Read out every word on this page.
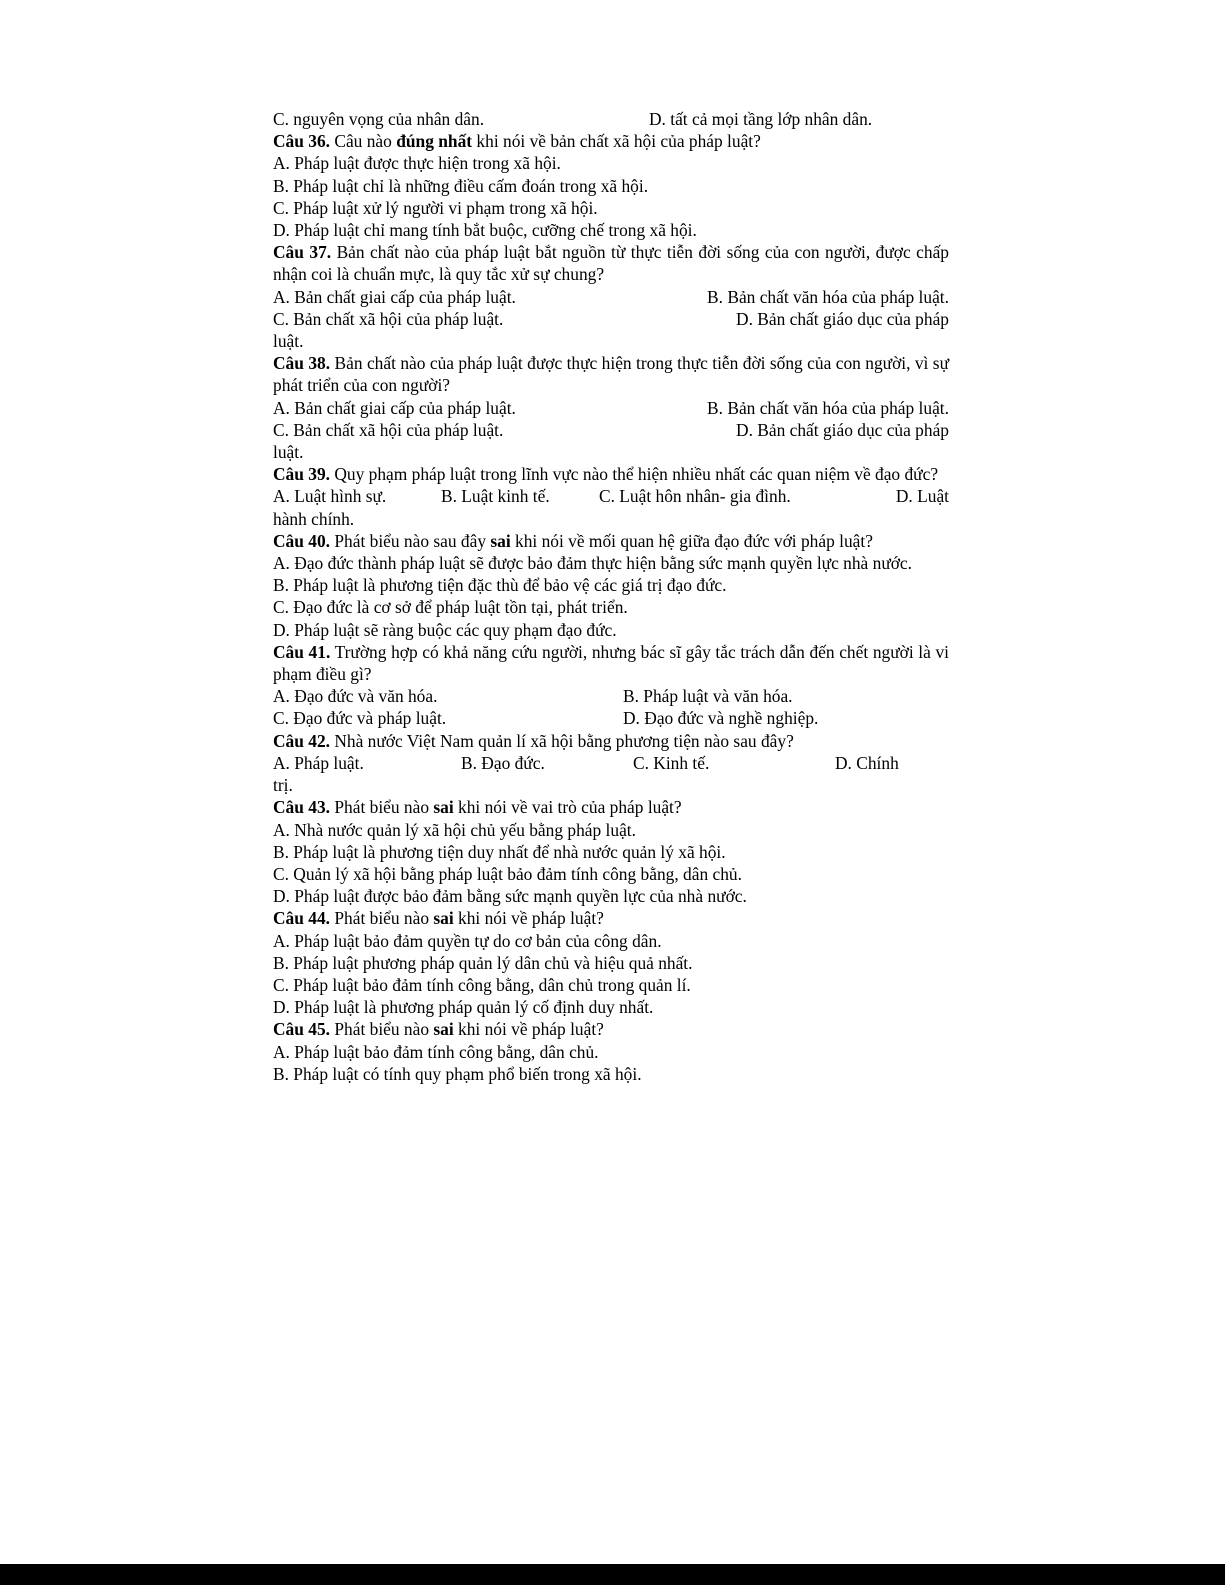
C. nguyên vọng của nhân dân.	D. tất cả mọi tầng lớp nhân dân.
Câu 36. Câu nào đúng nhất khi nói về bản chất xã hội của pháp luật?
A. Pháp luật được thực hiện trong xã hội.
B. Pháp luật chỉ là những điều cấm đoán trong xã hội.
C. Pháp luật xử lý người vi phạm trong xã hội.
D. Pháp luật chỉ mang tính bắt buộc, cưỡng chế trong xã hội.
Câu 37. Bản chất nào của pháp luật bắt nguồn từ thực tiễn đời sống của con người, được chấp nhận coi là chuẩn mực, là quy tắc xử sự chung?
A. Bản chất giai cấp của pháp luật.	B. Bản chất văn hóa của pháp luật.
C. Bản chất xã hội của pháp luật.	D. Bản chất giáo dục của pháp
luật.
Câu 38. Bản chất nào của pháp luật được thực hiện trong thực tiễn đời sống của con người, vì sự phát triển của con người?
A. Bản chất giai cấp của pháp luật.	B. Bản chất văn hóa của pháp luật.
C. Bản chất xã hội của pháp luật.	D. Bản chất giáo dục của pháp
luật.
Câu 39. Quy phạm pháp luật trong lĩnh vực nào thể hiện nhiều nhất các quan niệm về đạo đức?
A. Luật hình sự.	B. Luật kinh tế.	C. Luật hôn nhân- gia đình.	D. Luật
hành chính.
Câu 40. Phát biểu nào sau đây sai khi nói về mối quan hệ giữa đạo đức với pháp luật?
A. Đạo đức thành pháp luật sẽ được bảo đảm thực hiện bằng sức mạnh quyền lực nhà nước.
B. Pháp luật là phương tiện đặc thù để bảo vệ các giá trị đạo đức.
C. Đạo đức là cơ sở để pháp luật tồn tại, phát triển.
D. Pháp luật sẽ ràng buộc các quy phạm đạo đức.
Câu 41. Trường hợp có khả năng cứu người, nhưng bác sĩ gây tắc trách dẫn đến chết người là vi phạm điều gì?
A. Đạo đức và văn hóa.	B. Pháp luật và văn hóa.
C. Đạo đức và pháp luật.	D. Đạo đức và nghề nghiệp.
Câu 42. Nhà nước Việt Nam quản lí xã hội bằng phương tiện nào sau đây?
A. Pháp luật.	B. Đạo đức.	C. Kinh tế.	D. Chính
trị.
Câu 43. Phát biểu nào sai khi nói về vai trò của pháp luật?
A. Nhà nước quản lý xã hội chủ yếu bằng pháp luật.
B. Pháp luật là phương tiện duy nhất để nhà nước quản lý xã hội.
C. Quản lý xã hội bằng pháp luật bảo đảm tính công bằng, dân chủ.
D. Pháp luật được bảo đảm bằng sức mạnh quyền lực của nhà nước.
Câu 44. Phát biểu nào sai khi nói về pháp luật?
A. Pháp luật bảo đảm quyền tự do cơ bản của công dân.
B. Pháp luật phương pháp quản lý dân chủ và hiệu quả nhất.
C. Pháp luật bảo đảm tính công bằng, dân chủ trong quản lí.
D. Pháp luật là phương pháp quản lý cố định duy nhất.
Câu 45. Phát biểu nào sai khi nói về pháp luật?
A. Pháp luật bảo đảm tính công bằng, dân chủ.
B. Pháp luật có tính quy phạm phổ biến trong xã hội.
